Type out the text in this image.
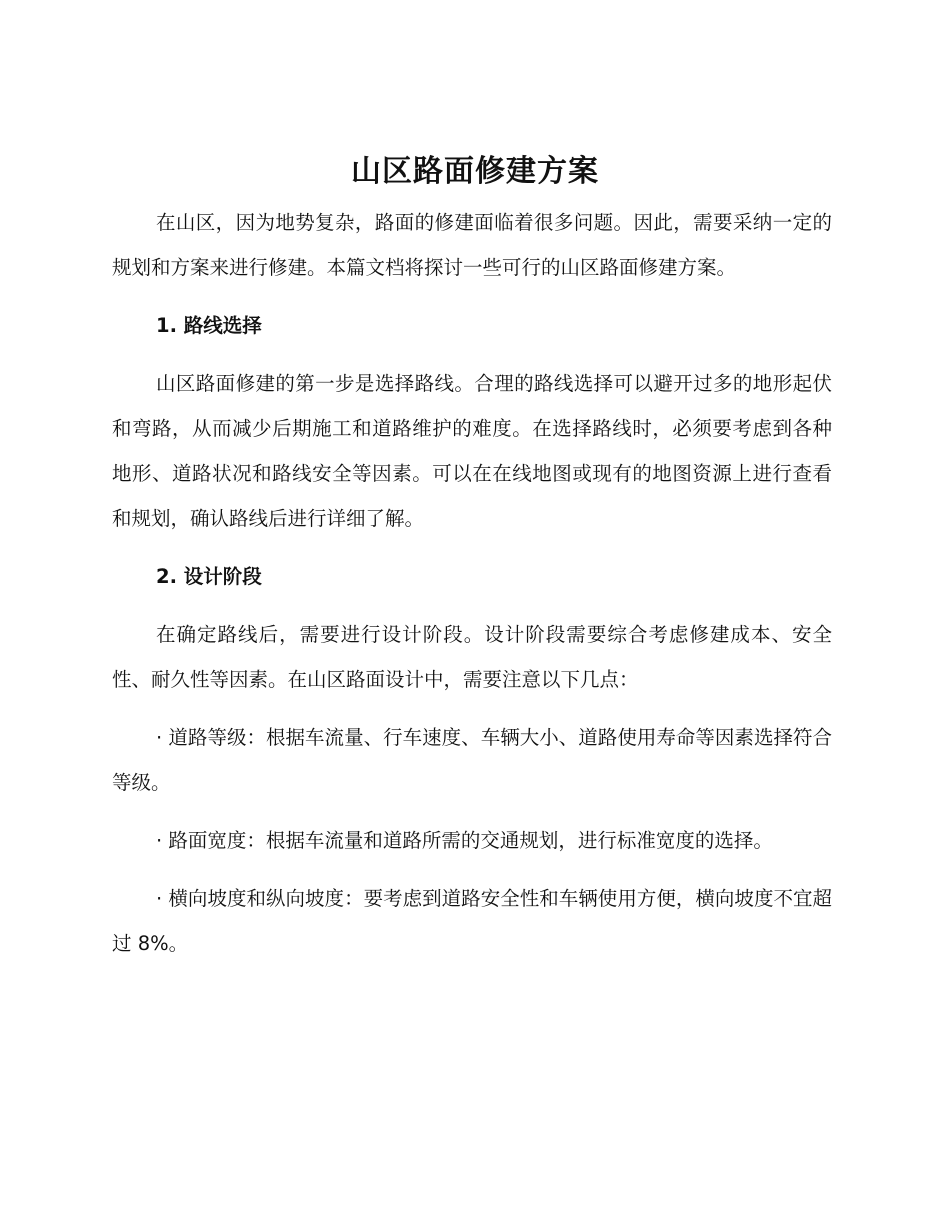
山区路面修建方案

在山区，因为地势复杂，路面的修建面临着很多问题。因此，需要采纳一定的规划和方案来进行修建。本篇文档将探讨一些可行的山区路面修建方案。

1. 路线选择

山区路面修建的第一步是选择路线。合理的路线选择可以避开过多的地形起伏和弯路，从而减少后期施工和道路维护的难度。在选择路线时，必须要考虑到各种地形、道路状况和路线安全等因素。可以在在线地图或现有的地图资源上进行查看和规划，确认路线后进行详细了解。

2. 设计阶段

在确定路线后，需要进行设计阶段。设计阶段需要综合考虑修建成本、安全性、耐久性等因素。在山区路面设计中，需要注意以下几点：

· 道路等级：根据车流量、行车速度、车辆大小、道路使用寿命等因素选择符合等级。

· 路面宽度：根据车流量和道路所需的交通规划，进行标准宽度的选择。

· 横向坡度和纵向坡度：要考虑到道路安全性和车辆使用方便，横向坡度不宜超过 8%。
